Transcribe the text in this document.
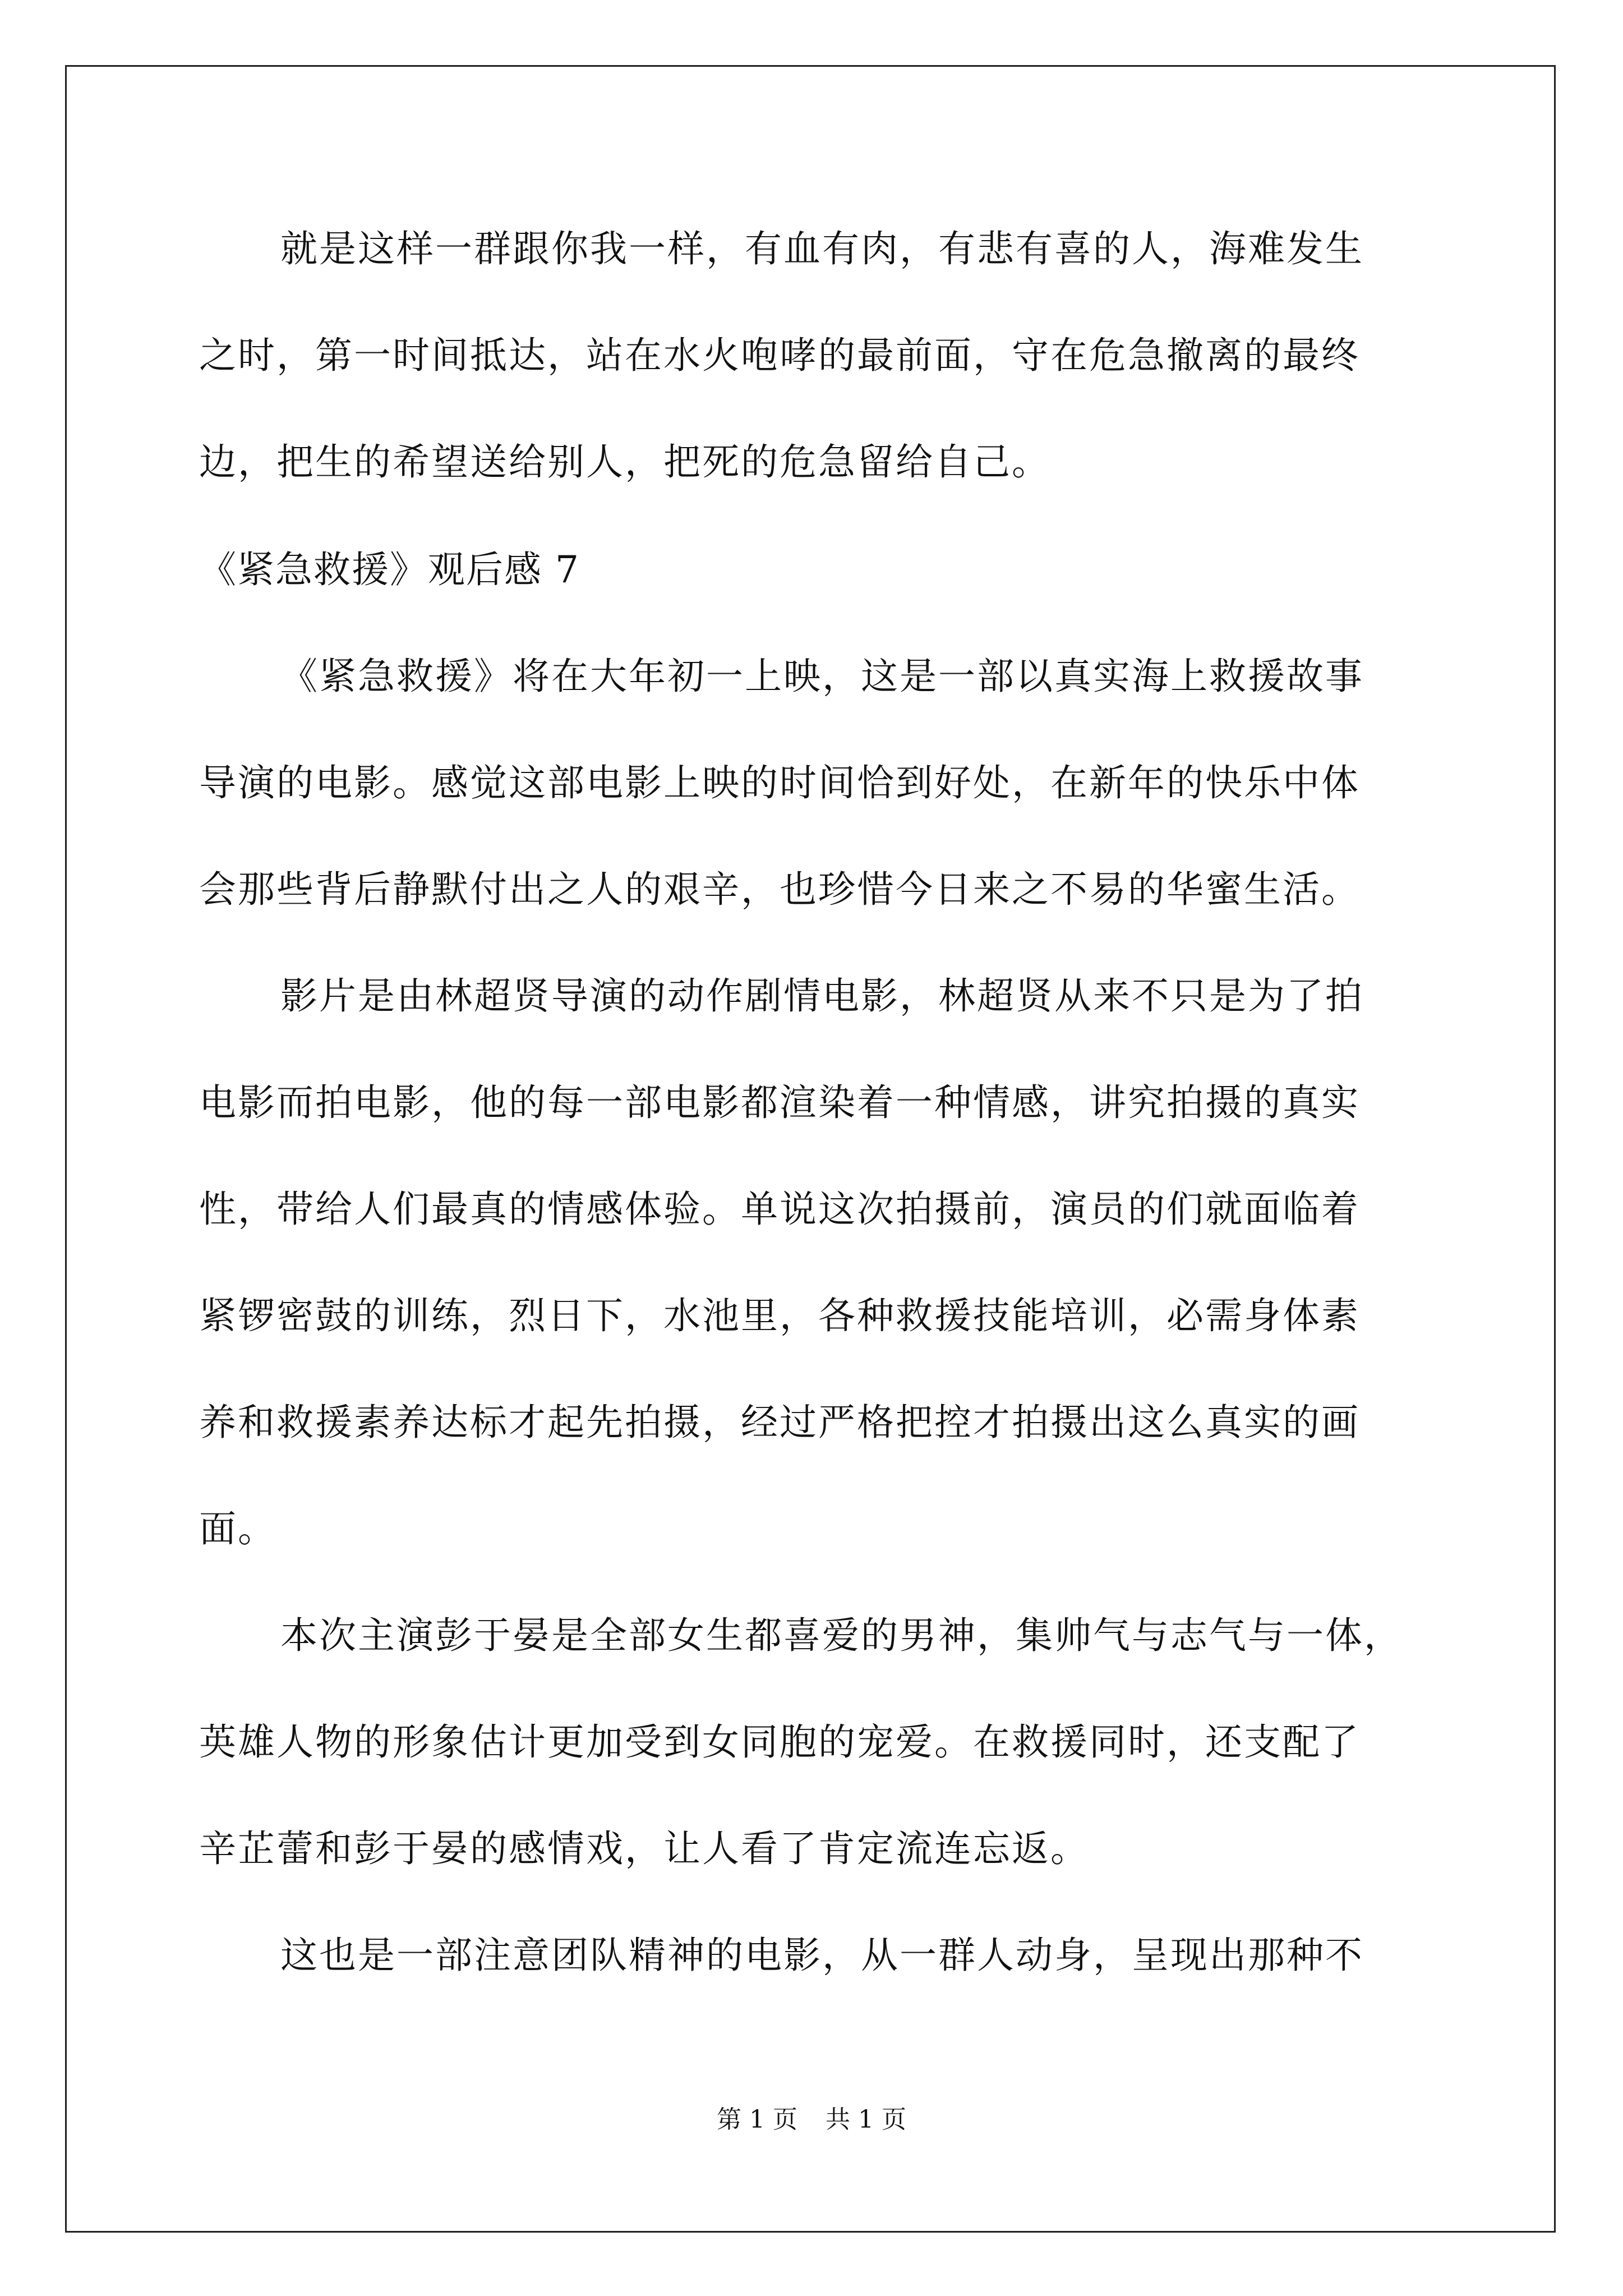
就是这样一群跟你我一样，有血有肉，有悲有喜的人，海难发生
之时，第一时间抵达，站在水火咆哮的最前面，守在危急撤离的最终
边，把生的希望送给别人，把死的危急留给自己。
《紧急救援》观后感 7
《紧急救援》将在大年初一上映，这是一部以真实海上救援故事
导演的电影。感觉这部电影上映的时间恰到好处，在新年的快乐中体
会那些背后静默付出之人的艰辛，也珍惜今日来之不易的华蜜生活。
影片是由林超贤导演的动作剧情电影，林超贤从来不只是为了拍
电影而拍电影，他的每一部电影都渲染着一种情感，讲究拍摄的真实
性，带给人们最真的情感体验。单说这次拍摄前，演员的们就面临着
紧锣密鼓的训练，烈日下，水池里，各种救援技能培训，必需身体素
养和救援素养达标才起先拍摄，经过严格把控才拍摄出这么真实的画
面。
本次主演彭于晏是全部女生都喜爱的男神，集帅气与志气与一体，
英雄人物的形象估计更加受到女同胞的宠爱。在救援同时，还支配了
辛芷蕾和彭于晏的感情戏，让人看了肯定流连忘返。
这也是一部注意团队精神的电影，从一群人动身，呈现出那种不
第 1 页 共 1 页
